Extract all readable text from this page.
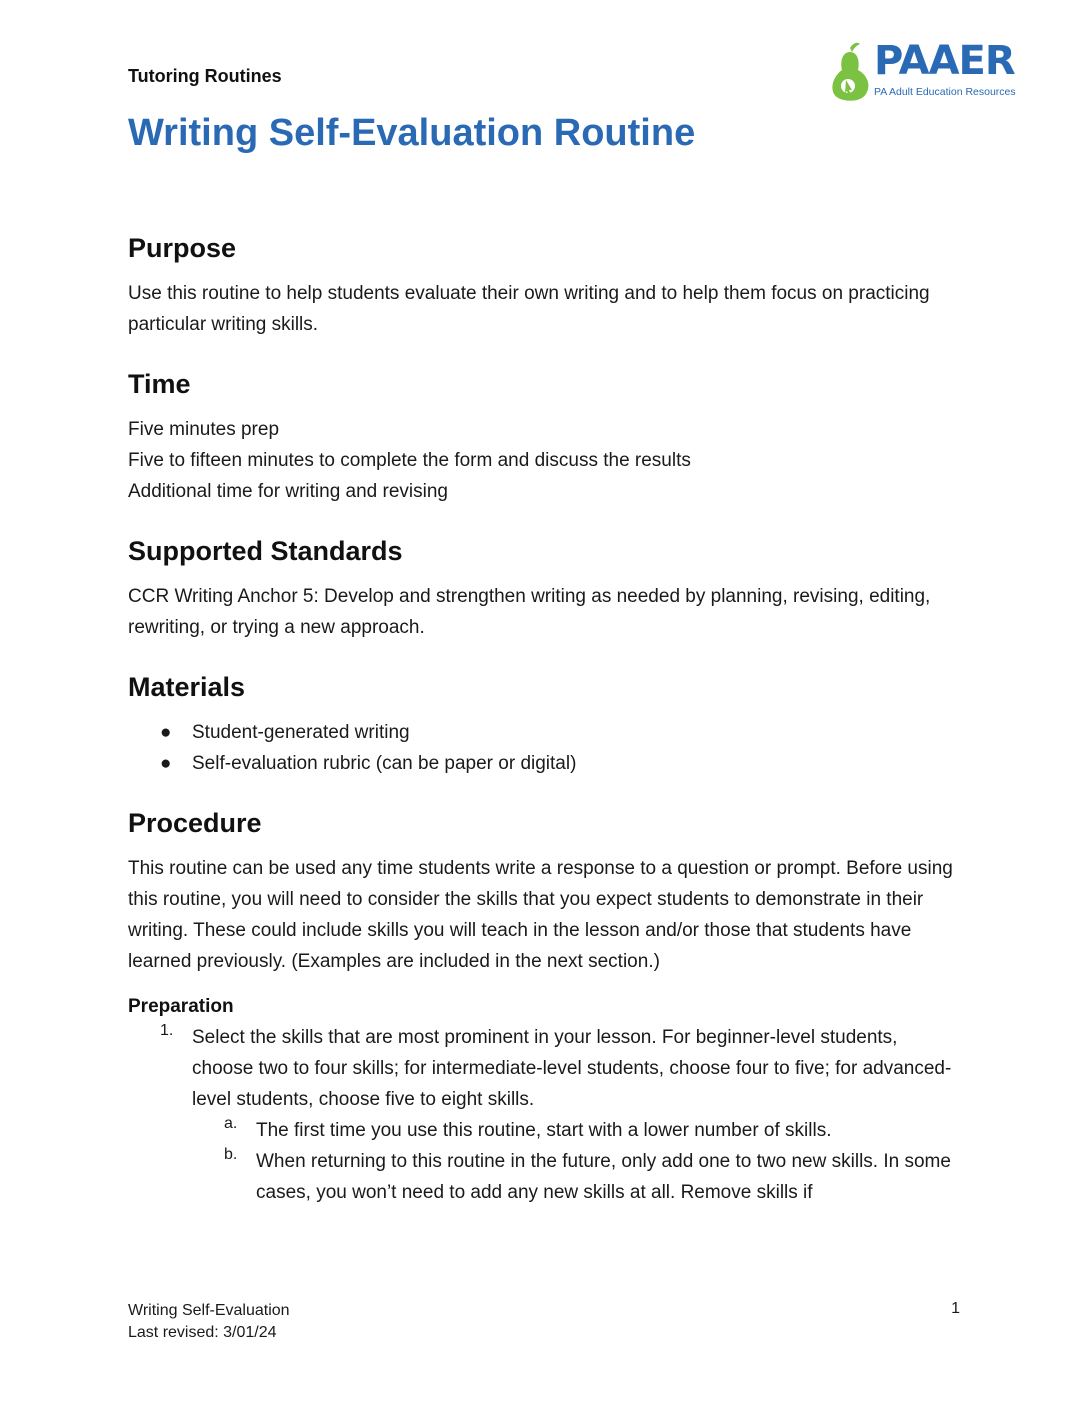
Tutoring Routines	PAAER
PA Adult Education Resources
Writing Self-Evaluation Routine
Purpose

Use this routine to help students evaluate their own writing and to help them focus on practicing particular writing skills.

Time

Five minutes prep

Five to fifteen minutes to complete the form and discuss the results

Additional time for writing and revising

Supported Standards

CCR Writing Anchor 5: Develop and strengthen writing as needed by planning, revising, editing, rewriting, or trying a new approach.

Materials
● Student-generated writing
● Self-evaluation rubric (can be paper or digital)
Procedure

This routine can be used any time students write a response to a question or prompt. Before using this routine, you will need to consider the skills that you expect students to demonstrate in their writing. These could include skills you will teach in the lesson and/or those that students have learned previously. (Examples are included in the next section.)

Preparation
1. Select the skills that are most prominent in your lesson. For beginner-level students, choose two to four skills; for intermediate-level students, choose four to five; for advanced-level students, choose five to eight skills.

a. The first time you use this routine, start with a lower number of skills.

b. When returning to this routine in the future, only add one to two new skills. In some cases, you won’t need to add any new skills at all. Remove skills if

Writing Self-Evaluation
Last revised: 3/01/24
1
